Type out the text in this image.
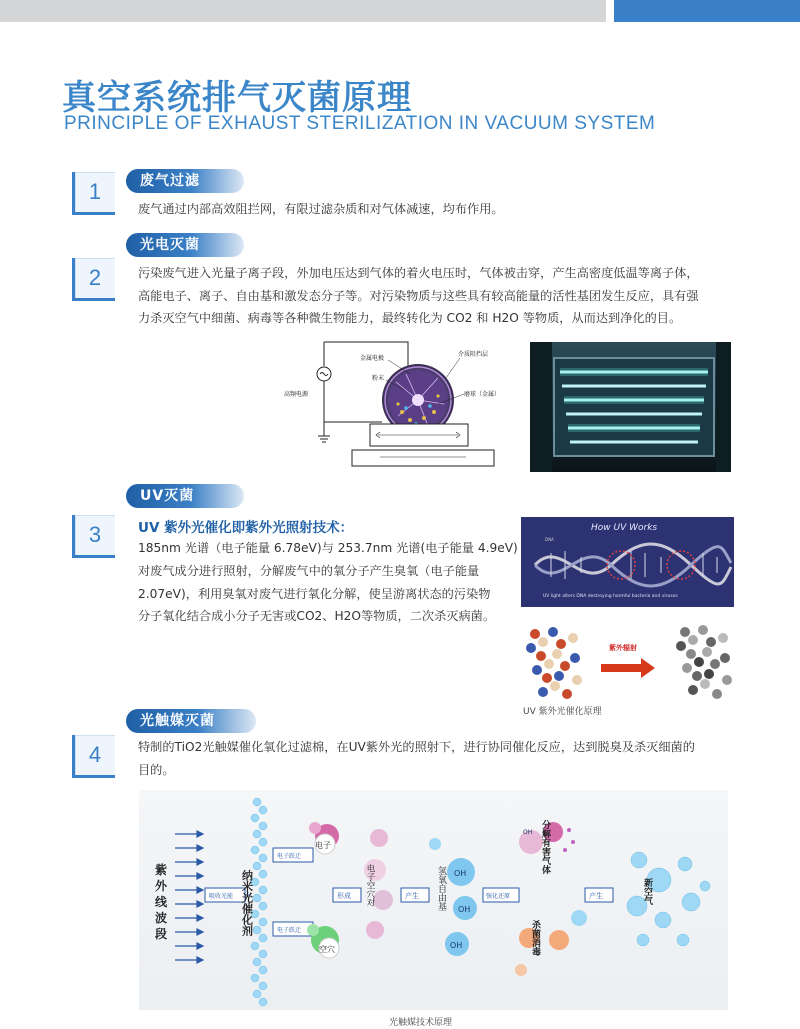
真空系统排气灭菌原理
PRINCIPLE OF EXHAUST STERILIZATION IN VACUUM SYSTEM
1	废气过滤
废气通过内部高效阻拦网，有限过滤杂质和对气体减速，均布作用。
2
光电灭菌
污染废气进入光量子离子段，外加电压达到气体的着火电压时，气体被击穿，产生高密度低温等离子体，
高能电子、离子、自由基和激发态分子等。对污染物质与这些具有较高能量的活性基团发生反应，具有强
力杀灭空气中细菌、病毒等各种微生物能力，最终转化为 CO2 和 H2O 等物质，从而达到净化的目。
金属电极
粉末
介质阻挡层
磨球（金属）
高频电源
3
UV灭菌
UV 紫外光催化即紫外光照射技术：
185nm 光谱（电子能量 6.78eV)与 253.7nm 光谱(电子能量 4.9eV)
对废气成分进行照射，分解废气中的氧分子产生臭氧（电子能量
2.07eV)，利用臭氧对废气进行氧化分解，使呈游离状态的污染物
分子氧化结合成小分子无害或CO2、H2O等物质，二次杀灭病菌。
How UV Works
DNA
UV light alters DNA destroying harmful bacteria and viruses
紫外辐射
UV 紫外光催化原理
4
光触媒灭菌
特制的TiO2光触媒催化氧化过滤棉，在UV紫外光的照射下，进行协同催化反应，达到脱臭及杀灭细菌的
目的。
紫外线波段
吸收光能 纳米光催化剂
电子跃迁
电子跃迁
电子
空穴
形成 电子空穴对	产生
OH
OH
OH
氢氧自由基	强化还原
OH 分解有害气体
杀菌消毒
产生	新空气
光触媒技术原理
